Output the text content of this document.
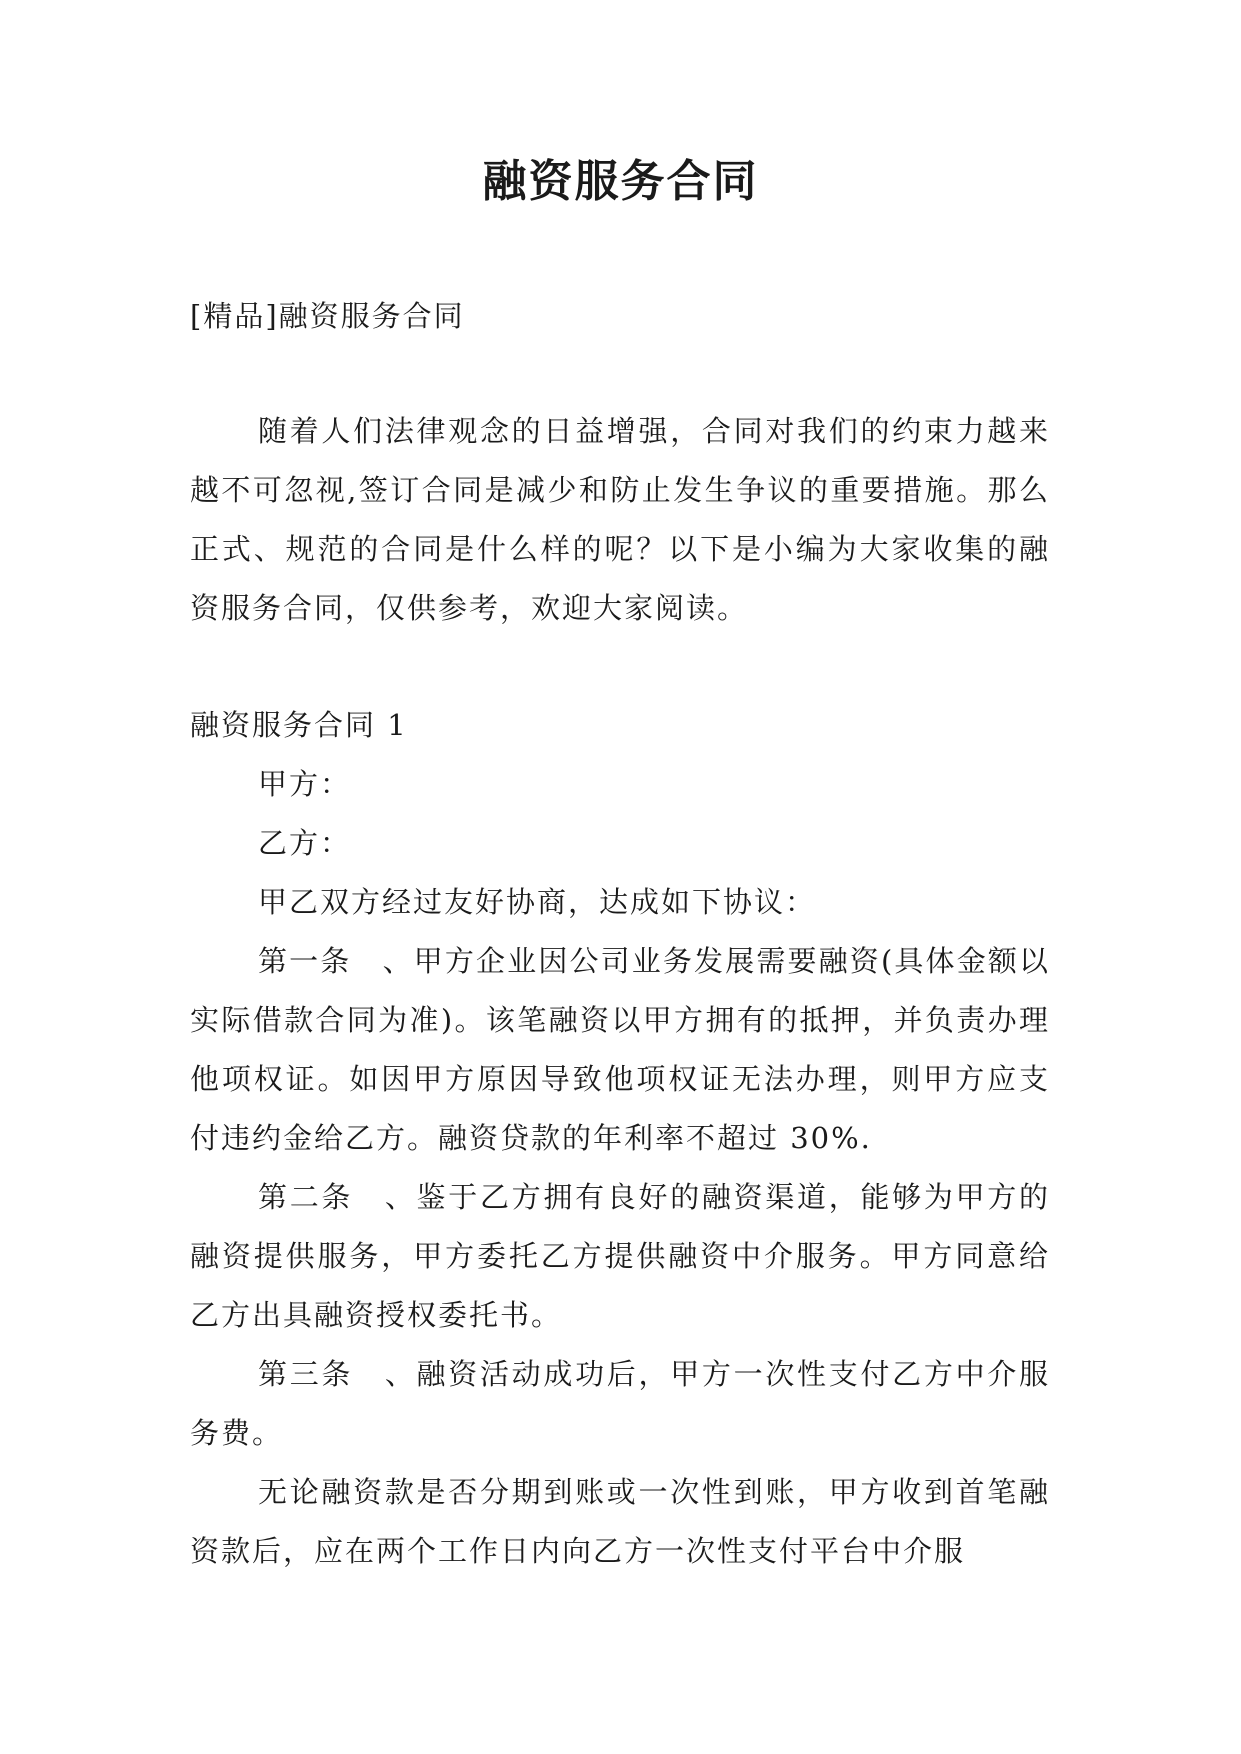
融资服务合同
[精品]融资服务合同
随着人们法律观念的日益增强，合同对我们的约束力越来越不可忽视,签订合同是减少和防止发生争议的重要措施。那么正式、规范的合同是什么样的呢？以下是小编为大家收集的融资服务合同，仅供参考，欢迎大家阅读。

融资服务合同 1

甲方：

乙方：

甲乙双方经过友好协商，达成如下协议：

第一条　、甲方企业因公司业务发展需要融资(具体金额以实际借款合同为准)。该笔融资以甲方拥有的抵押，并负责办理他项权证。如因甲方原因导致他项权证无法办理，则甲方应支付违约金给乙方。融资贷款的年利率不超过 30%.

第二条　、鉴于乙方拥有良好的融资渠道，能够为甲方的融资提供服务，甲方委托乙方提供融资中介服务。甲方同意给乙方出具融资授权委托书。

第三条　、融资活动成功后，甲方一次性支付乙方中介服务费。

无论融资款是否分期到账或一次性到账，甲方收到首笔融资款后，应在两个工作日内向乙方一次性支付平台中介服
